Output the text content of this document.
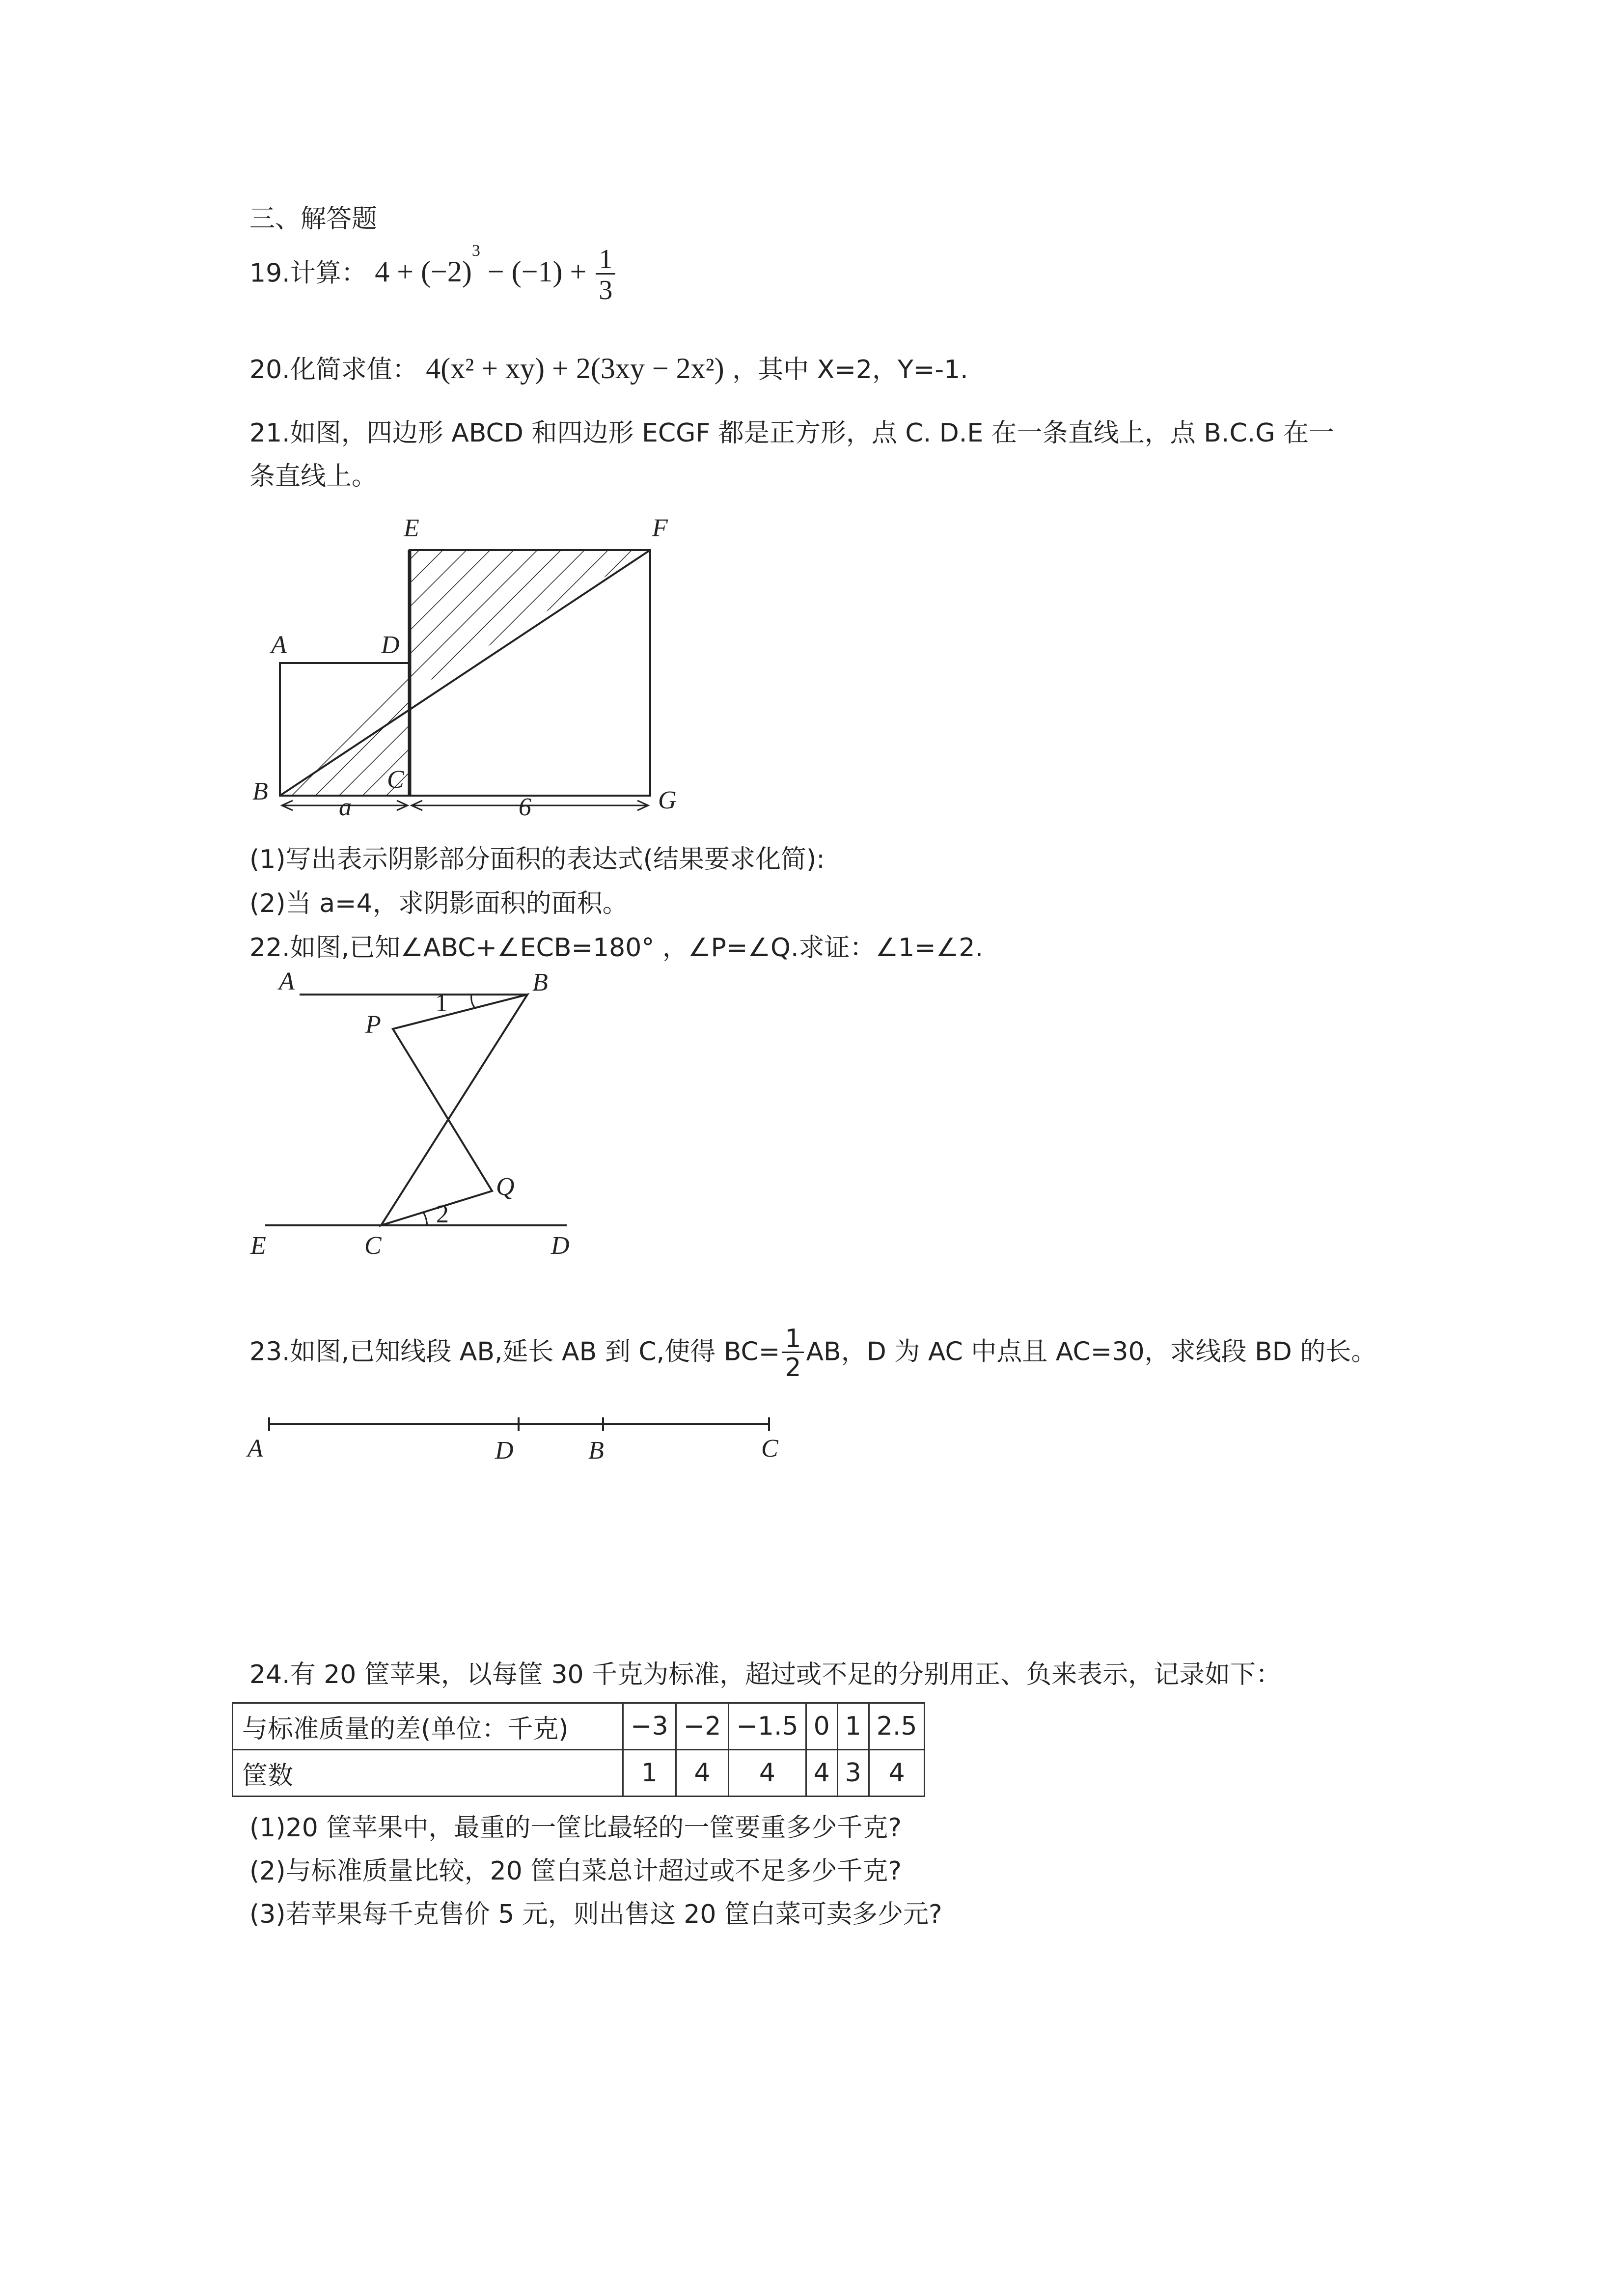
三、解答题
19.计算： $4 + (-2)^3 - (-1) + \frac{1}{3}$
20.化简求值： 4(x² + xy) + 2(3xy − 2x²) ，其中 X=2，Y=-1.
21.如图，四边形 ABCD 和四边形 ECGF 都是正方形，点 C. D.E 在一条直线上，点 B.C.G 在一
条直线上。
E	F
A	D
B	C
G
a	6
(1)写出表示阴影部分面积的表达式(结果要求化简):
(2)当 a=4，求阴影面积的面积。
22.如图,已知∠ABC+∠ECB=180° ，∠P=∠Q.求证：∠1=∠2.
A	B
P
Q
E	C	D
1
2
23.如图,已知线段 AB,延长 AB 到 C,使得 $BC= \frac{1}{2}$ AB，D 为 AC 中点且 AC=30，求线段 BD 的长。
A	D	B	C
24.有 20 筐苹果，以每筐 30 千克为标准，超过或不足的分别用正、负来表示，记录如下：
与标准质量的差(单位：千克)	−3	−2	−1.5	0	1	2.5
筐数	1	4	4	4	3	4
(1)20 筐苹果中，最重的一筐比最轻的一筐要重多少千克?
(2)与标准质量比较，20 筐白菜总计超过或不足多少千克?
(3)若苹果每千克售价 5 元，则出售这 20 筐白菜可卖多少元?
